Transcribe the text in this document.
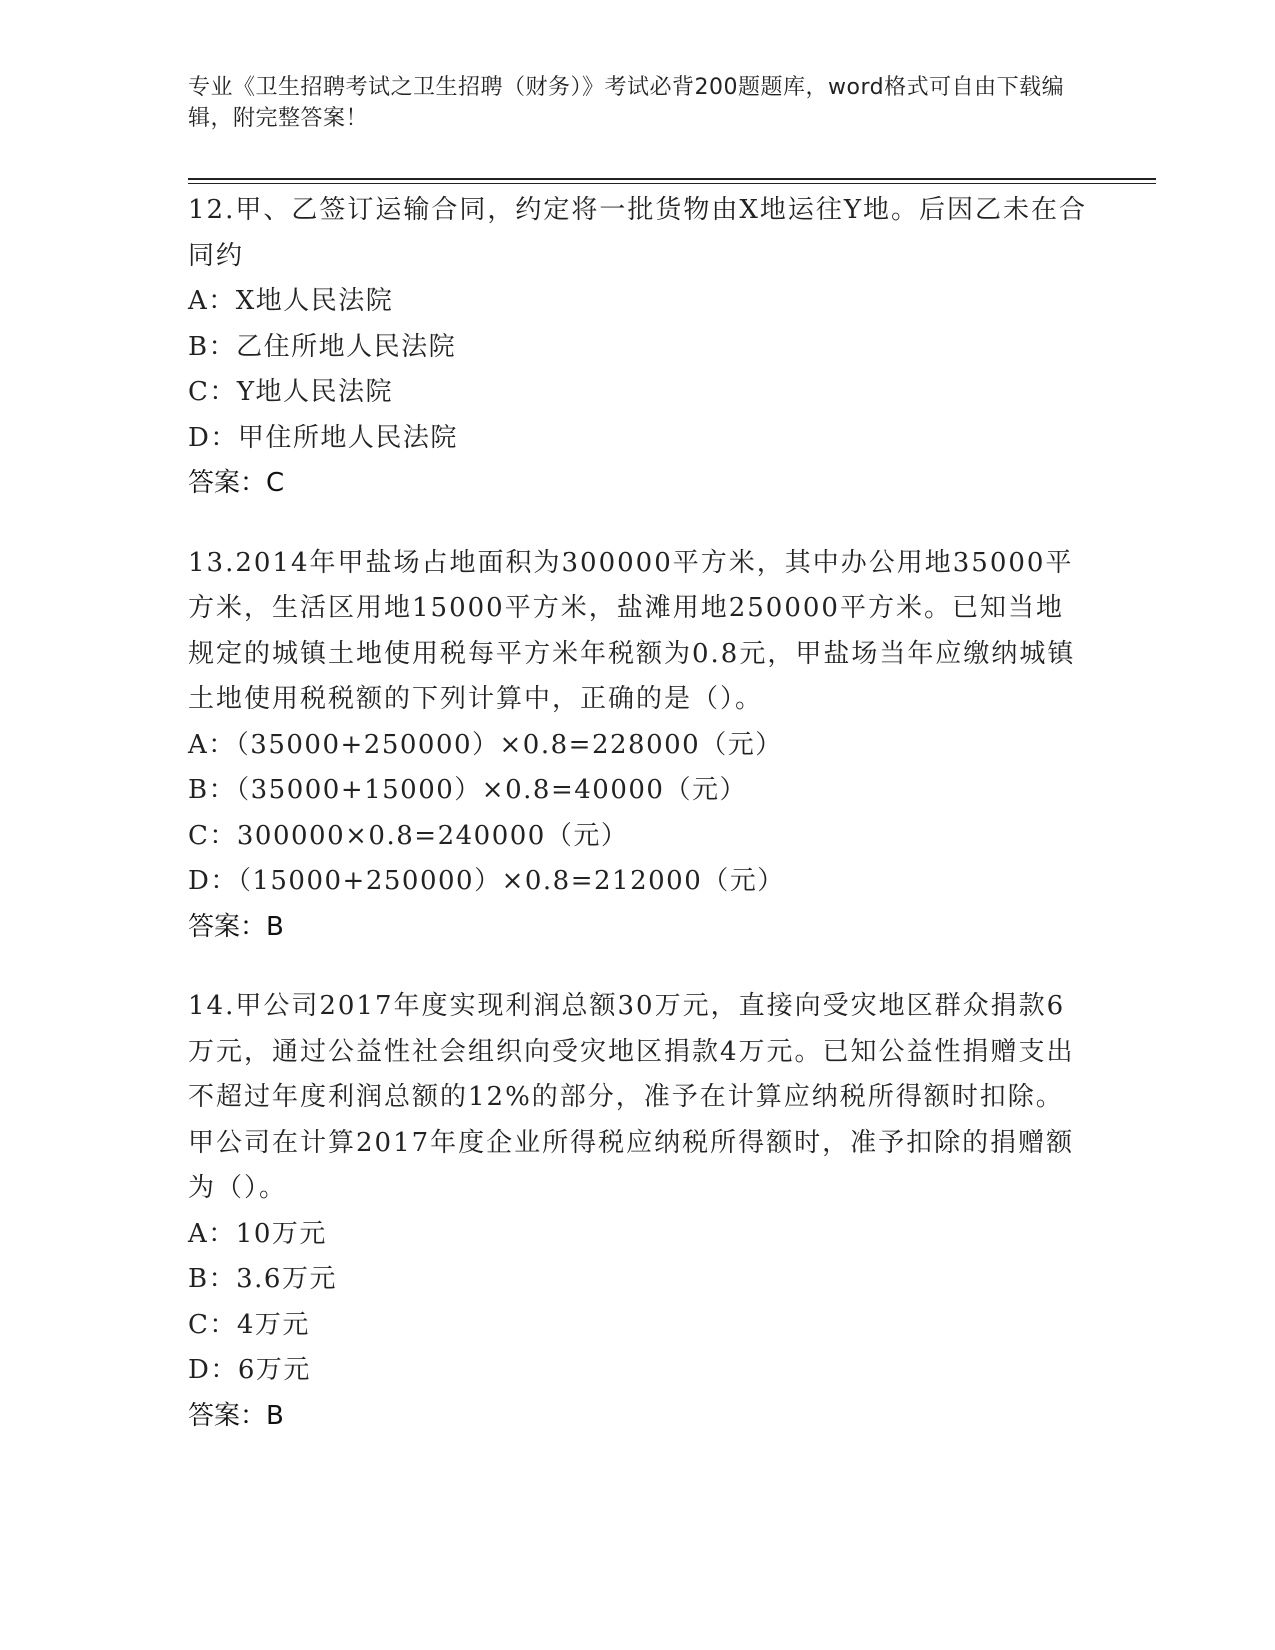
专业《卫生招聘考试之卫生招聘（财务）》考试必背200题题库，word格式可自由下载编辑，附完整答案！

12.甲、乙签订运输合同，约定将一批货物由X地运往Y地。后因乙未在合同约

A：X地人民法院

B：乙住所地人民法院

C：Y地人民法院

D：甲住所地人民法院

答案：C

13.2014年甲盐场占地面积为300000平方米，其中办公用地35000平方米，生活区用地15000平方米，盐滩用地250000平方米。已知当地规定的城镇土地使用税每平方米年税额为0.8元，甲盐场当年应缴纳城镇土地使用税税额的下列计算中，正确的是（）。

A：（35000+250000）×0.8=228000（元）

B：（35000+15000）×0.8=40000（元）

C：300000×0.8=240000（元）

D：（15000+250000）×0.8=212000（元）

答案：B

14.甲公司2017年度实现利润总额30万元，直接向受灾地区群众捐款6万元，通过公益性社会组织向受灾地区捐款4万元。已知公益性捐赠支出不超过年度利润总额的12%的部分，准予在计算应纳税所得额时扣除。甲公司在计算2017年度企业所得税应纳税所得额时，准予扣除的捐赠额为（）。

A：10万元

B：3.6万元

C：4万元

D：6万元

答案：B
